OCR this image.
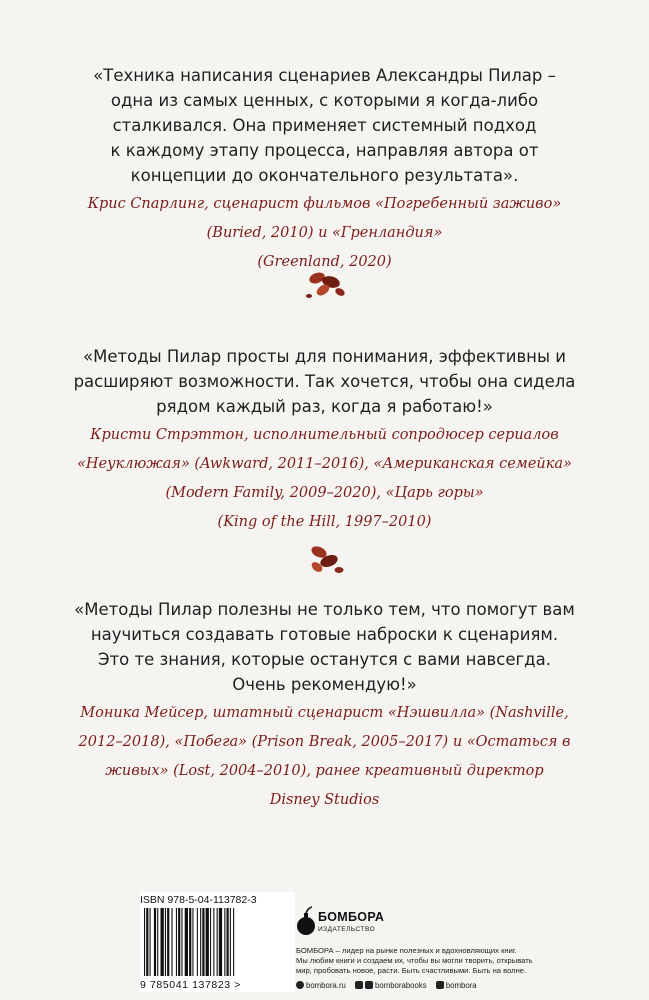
«Техника написания сценариев Александры Пилар –
одна из самых ценных, с которыми я когда-либо
сталкивался. Она применяет системный подход
к каждому этапу процесса, направляя автора от
концепции до окончательного результата».
Крис Спарлинг, сценарист фильмов «Погребенный заживо»
(Buried, 2010) и «Гренландия»
(Greenland, 2020)
«Методы Пилар просты для понимания, эффективны и
расширяют возможности. Так хочется, чтобы она сидела
рядом каждый раз, когда я работаю!»
Кристи Стрэттон, исполнительный сопродюсер сериалов
«Неуклюжая» (Awkward, 2011–2016), «Американская семейка»
(Modern Family, 2009–2020), «Царь горы»
(King of the Hill, 1997–2010)
«Методы Пилар полезны не только тем, что помогут вам
научиться создавать готовые наброски к сценариям.
Это те знания, которые останутся с вами навсегда.
Очень рекомендую!»
Моника Мейсер, штатный сценарист «Нэшвилла» (Nashville,
2012–2018), «Побега» (Prison Break, 2005–2017) и «Остаться в
живых» (Lost, 2004–2010), ранее креативный директор
Disney Studios
ISBN 978-5-04-113782-3
9 785041 137823 >
БОМБОРА
ИЗДАТЕЛЬСТВО
БОМБОРА – лидер на рынке полезных и вдохновляющих книг.
Мы любим книги и создаем их, чтобы вы могли творить, открывать
мир, пробовать новое, расти. Быть счастливыми. Быть на волне.
bombora.ru	bomborabooks bombora
